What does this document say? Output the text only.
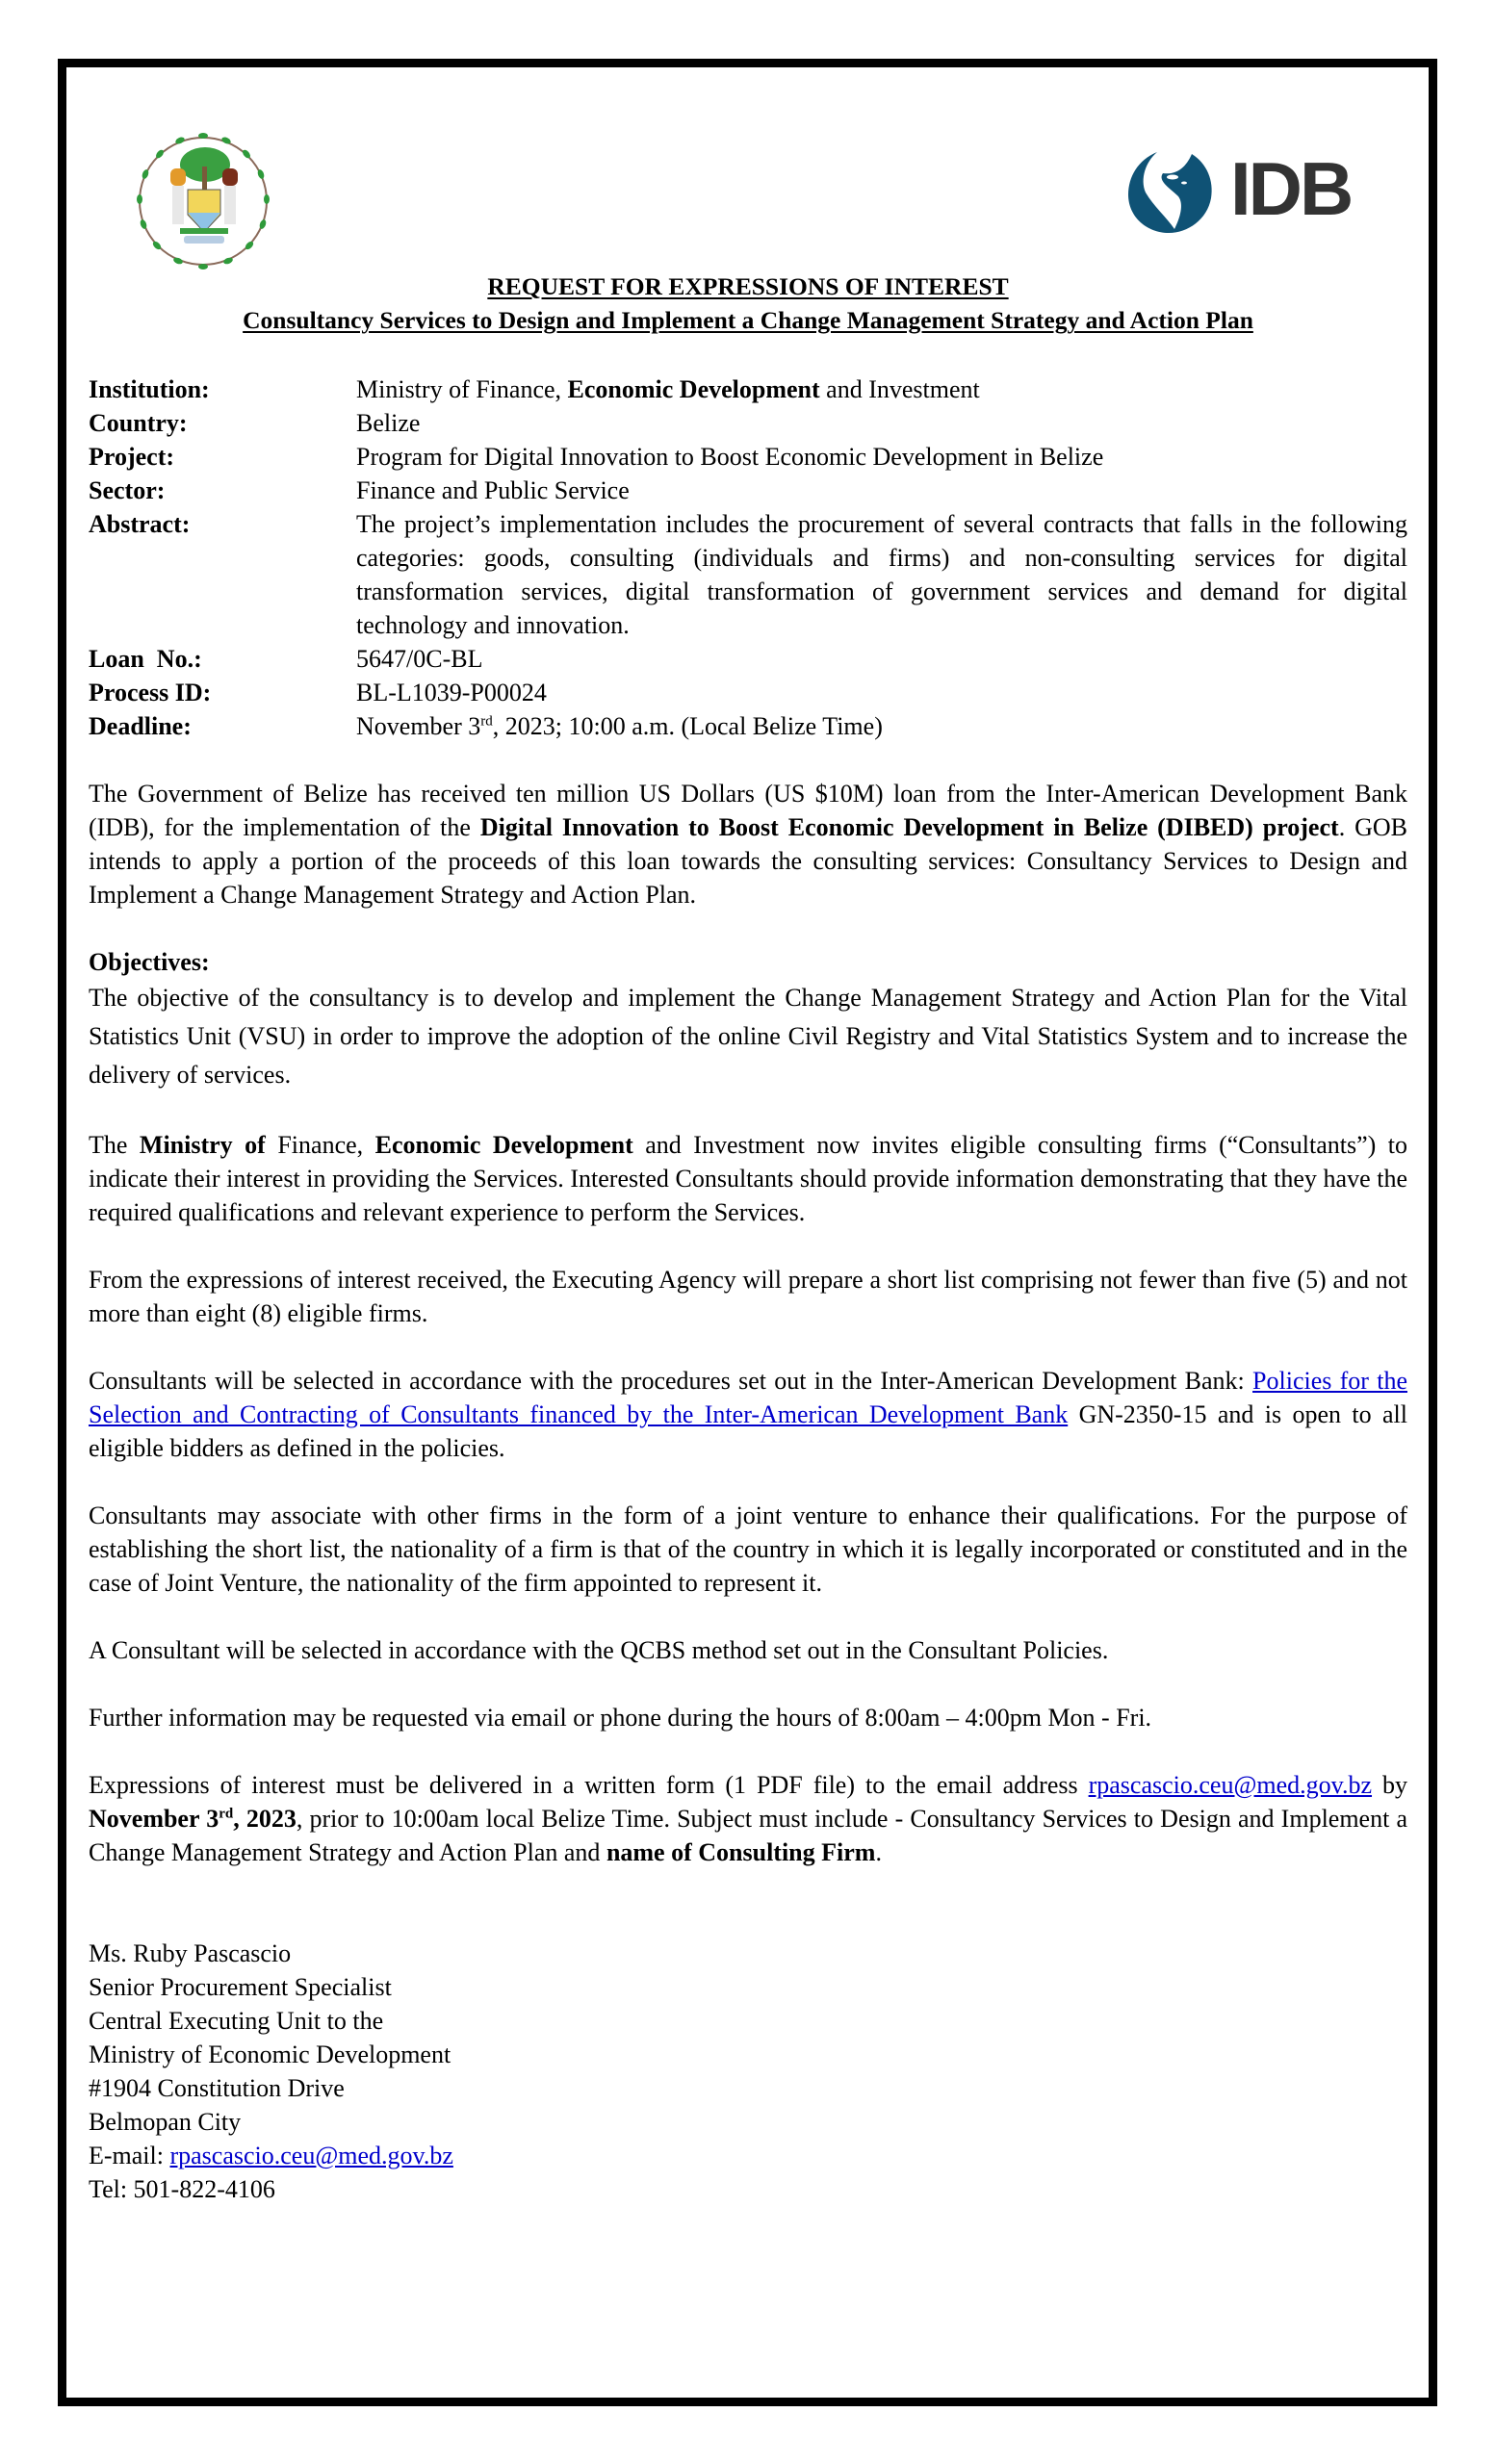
IDB
REQUEST FOR EXPRESSIONS OF INTEREST
Consultancy Services to Design and Implement a Change Management Strategy and Action Plan
Institution:	Ministry of Finance, Economic Development and Investment
Country:	Belize
Project:	Program for Digital Innovation to Boost Economic Development in Belize
Sector:	Finance and Public Service
Abstract:	The project’s implementation includes the procurement of several contracts that falls in the following categories: goods, consulting (individuals and firms) and non-consulting services for digital transformation services, digital transformation of government services and demand for digital technology and innovation.
Loan  No.:	5647/0C-BL
Process ID:	BL-L1039-P00024
Deadline:	November 3rd, 2023; 10:00 a.m. (Local Belize Time)

The Government of Belize has received ten million US Dollars (US $10M) loan from the Inter-American Development Bank (IDB), for the implementation of the Digital Innovation to Boost Economic Development in Belize (DIBED) project. GOB intends to apply a portion of the proceeds of this loan towards the consulting services: Consultancy Services to Design and Implement a Change Management Strategy and Action Plan.

Objectives:

The objective of the consultancy is to develop and implement the Change Management Strategy and Action Plan for the Vital Statistics Unit (VSU) in order to improve the adoption of the online Civil Registry and Vital Statistics System and to increase the delivery of services.

The Ministry of Finance, Economic Development and Investment now invites eligible consulting firms (“Consultants”) to indicate their interest in providing the Services. Interested Consultants should provide information demonstrating that they have the required qualifications and relevant experience to perform the Services.

From the expressions of interest received, the Executing Agency will prepare a short list comprising not fewer than five (5) and not more than eight (8) eligible firms.

Consultants will be selected in accordance with the procedures set out in the Inter-American Development Bank: Policies for the Selection and Contracting of Consultants financed by the Inter-American Development Bank GN-2350-15 and is open to all eligible bidders as defined in the policies.

Consultants may associate with other firms in the form of a joint venture to enhance their qualifications. For the purpose of establishing the short list, the nationality of a firm is that of the country in which it is legally incorporated or constituted and in the case of Joint Venture, the nationality of the firm appointed to represent it.

A Consultant will be selected in accordance with the QCBS method set out in the Consultant Policies.

Further information may be requested via email or phone during the hours of 8:00am – 4:00pm Mon - Fri.

Expressions of interest must be delivered in a written form (1 PDF file) to the email address rpascascio.ceu@med.gov.bz by November 3rd, 2023, prior to 10:00am local Belize Time. Subject must include - Consultancy Services to Design and Implement a Change Management Strategy and Action Plan and name of Consulting Firm.

Ms. Ruby Pascascio
Senior Procurement Specialist
Central Executing Unit to the
Ministry of Economic Development
#1904 Constitution Drive
Belmopan City
E-mail: rpascascio.ceu@med.gov.bz
Tel: 501-822-4106
